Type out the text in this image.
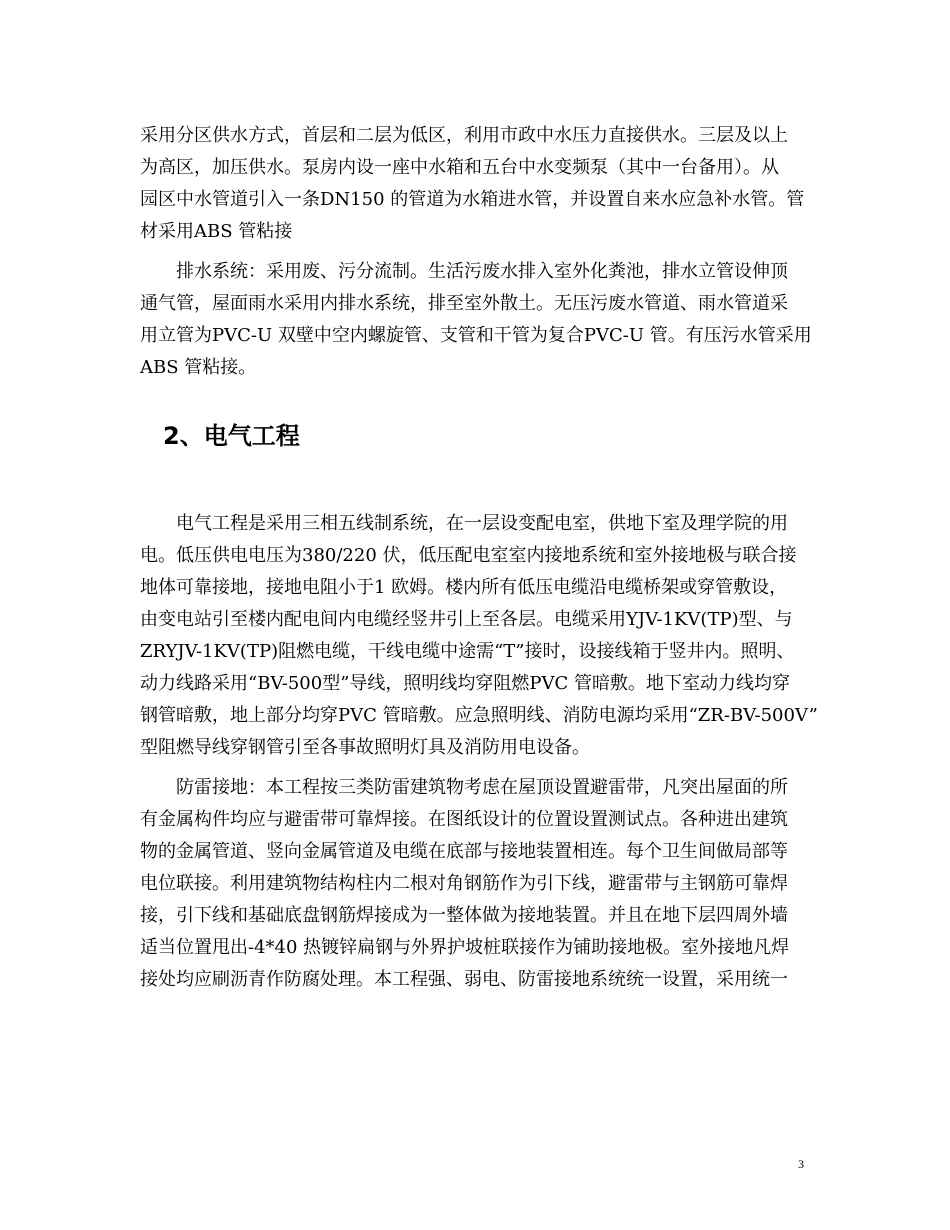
采用分区供水方式，首层和二层为低区，利用市政中水压力直接供水。三层及以上
为高区，加压供水。泵房内设一座中水箱和五台中水变频泵（其中一台备用）。从
园区中水管道引入一条DN150 的管道为水箱进水管，并设置自来水应急补水管。管
材采用ABS 管粘接

排水系统：采用废、污分流制。生活污废水排入室外化粪池，排水立管设伸顶
通气管，屋面雨水采用内排水系统，排至室外散土。无压污废水管道、雨水管道采
用立管为PVC-U 双壁中空内螺旋管、支管和干管为复合PVC-U 管。有压污水管采用
ABS 管粘接。

2、电气工程

电气工程是采用三相五线制系统，在一层设变配电室，供地下室及理学院的用
电。低压供电电压为380/220 伏，低压配电室室内接地系统和室外接地极与联合接
地体可靠接地，接地电阻小于1 欧姆。楼内所有低压电缆沿电缆桥架或穿管敷设，
由变电站引至楼内配电间内电缆经竖井引上至各层。电缆采用YJV-1KV(TP)型、与
ZRYJV-1KV(TP)阻燃电缆，干线电缆中途需“T”接时，设接线箱于竖井内。照明、
动力线路采用“BV-500型”导线，照明线均穿阻燃PVC 管暗敷。地下室动力线均穿
钢管暗敷，地上部分均穿PVC 管暗敷。应急照明线、消防电源均采用“ZR-BV-500V”
型阻燃导线穿钢管引至各事故照明灯具及消防用电设备。

防雷接地：本工程按三类防雷建筑物考虑在屋顶设置避雷带，凡突出屋面的所
有金属构件均应与避雷带可靠焊接。在图纸设计的位置设置测试点。各种进出建筑
物的金属管道、竖向金属管道及电缆在底部与接地装置相连。每个卫生间做局部等
电位联接。利用建筑物结构柱内二根对角钢筋作为引下线，避雷带与主钢筋可靠焊
接，引下线和基础底盘钢筋焊接成为一整体做为接地装置。并且在地下层四周外墙
适当位置甩出-4*40 热镀锌扁钢与外界护坡桩联接作为铺助接地极。室外接地凡焊
接处均应刷沥青作防腐处理。本工程强、弱电、防雷接地系统统一设置，采用统一

3
